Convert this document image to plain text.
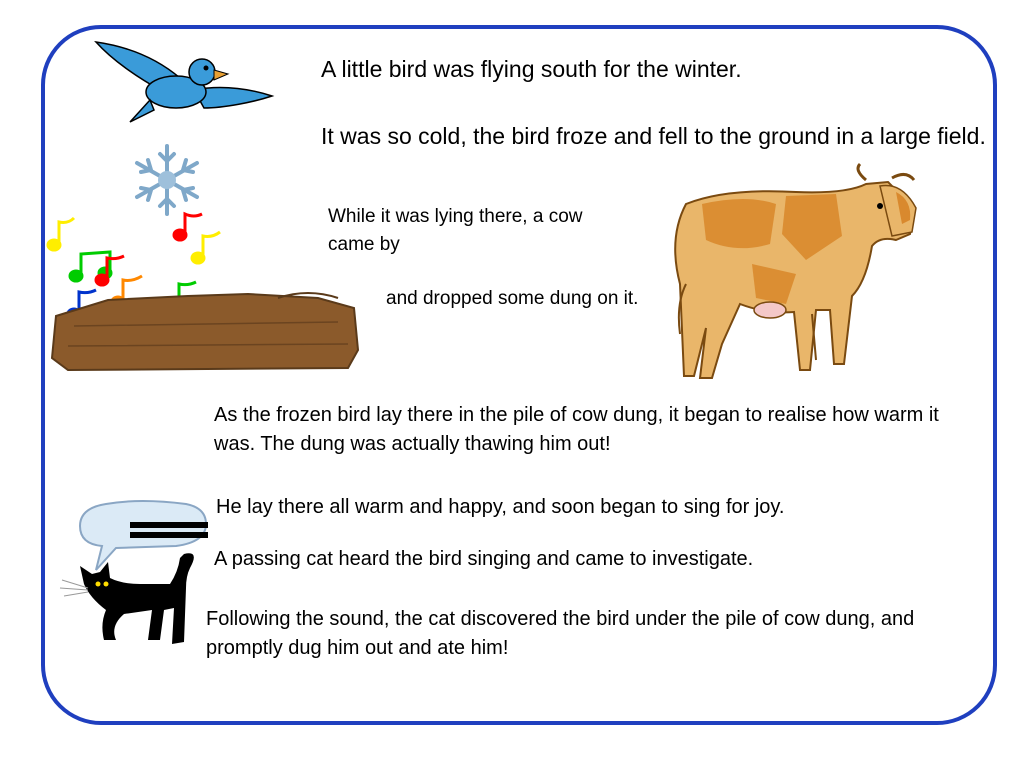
A little bird was flying south for the winter.

It was so cold, the bird froze and fell to the ground in a large field.

While it was lying there, a cow came by

and dropped some dung on it.

As the frozen bird lay there in the pile of cow dung, it began to realise how warm it was. The dung was actually thawing him out!

He lay there all warm and happy, and soon began to sing for joy.

A passing cat heard the bird singing and came to investigate.

Following the sound, the cat discovered the bird under the pile of cow dung, and promptly dug him out and ate him!
